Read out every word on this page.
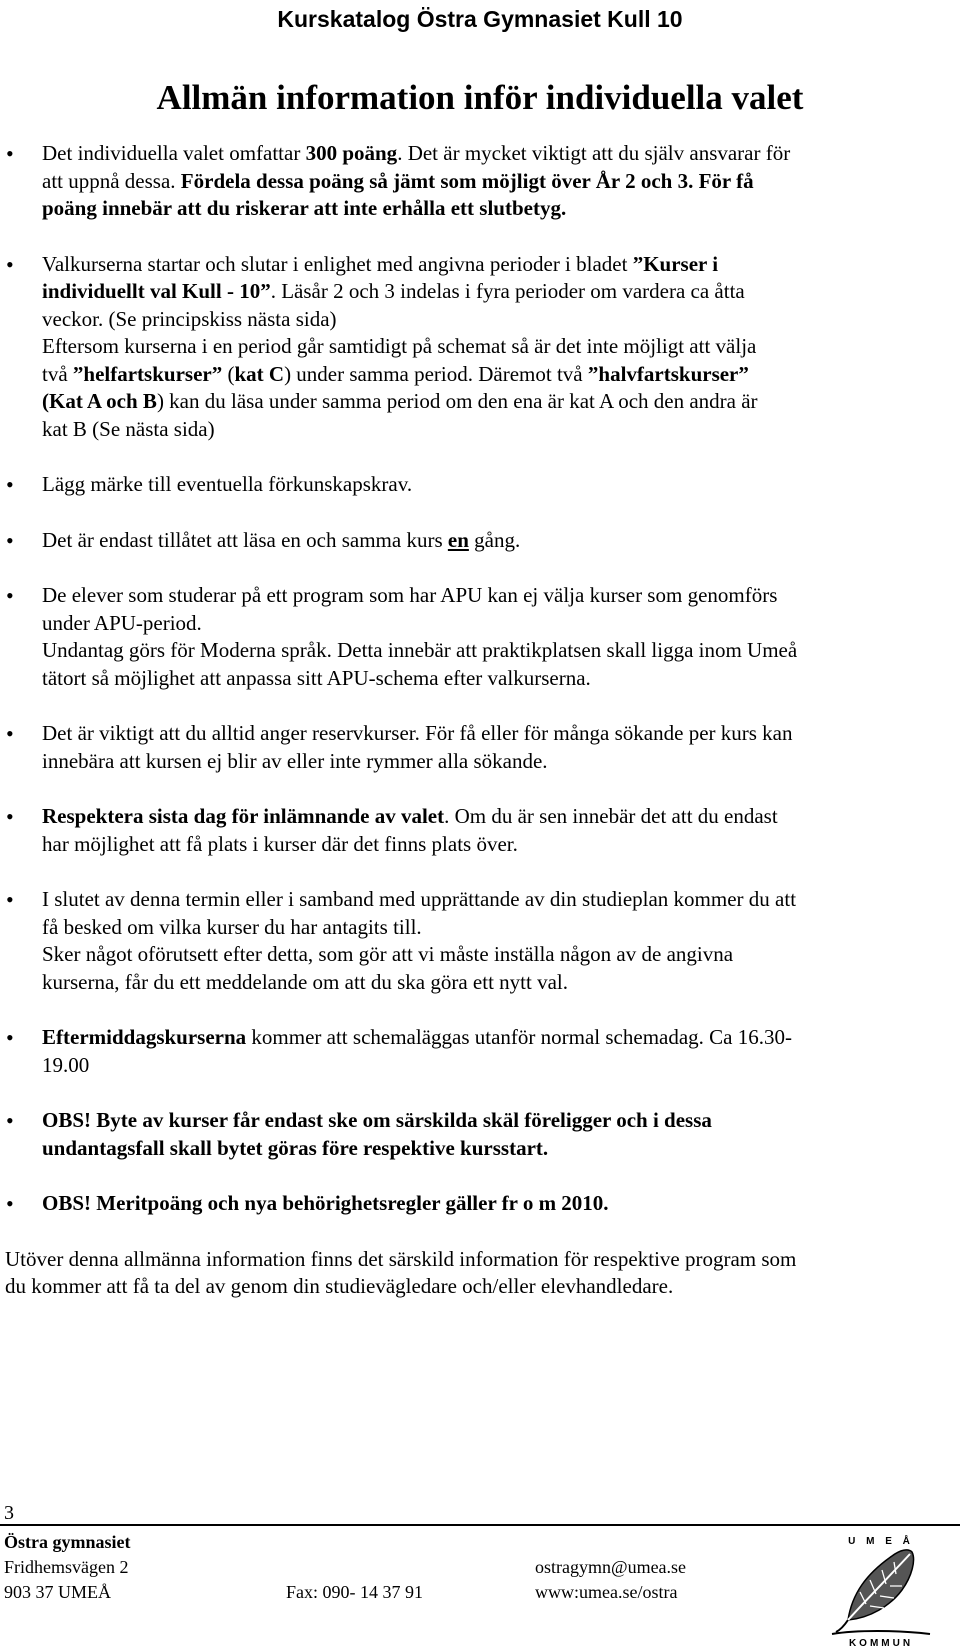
Kurskatalog Östra Gymnasiet Kull 10
Allmän information inför individuella valet
• Det individuella valet omfattar 300 poäng. Det är mycket viktigt att du själv ansvarar för
att uppnå dessa. Fördela dessa poäng så jämt som möjligt över År 2 och 3. För få
poäng innebär att du riskerar att inte erhålla ett slutbetyg.
• Valkurserna startar och slutar i enlighet med angivna perioder i bladet ”Kurser i
individuellt val Kull - 10”. Läsår 2 och 3 indelas i fyra perioder om vardera ca åtta
veckor. (Se principskiss nästa sida)
Eftersom kurserna i en period går samtidigt på schemat så är det inte möjligt att välja
två ”helfartskurser” (kat C) under samma period. Däremot två ”halvfartskurser”
(Kat A och B) kan du läsa under samma period om den ena är kat A och den andra är
kat B (Se nästa sida)
• Lägg märke till eventuella förkunskapskrav.
• Det är endast tillåtet att läsa en och samma kurs en gång.
• De elever som studerar på ett program som har APU kan ej välja kurser som genomförs
under APU-period.
Undantag görs för Moderna språk. Detta innebär att praktikplatsen skall ligga inom Umeå
tätort så möjlighet att anpassa sitt APU-schema efter valkurserna.
• Det är viktigt att du alltid anger reservkurser. För få eller för många sökande per kurs kan
innebära att kursen ej blir av eller inte rymmer alla sökande.
• Respektera sista dag för inlämnande av valet. Om du är sen innebär det att du endast
har möjlighet att få plats i kurser där det finns plats över.
• I slutet av denna termin eller i samband med upprättande av din studieplan kommer du att
få besked om vilka kurser du har antagits till.
Sker något oförutsett efter detta, som gör att vi måste inställa någon av de angivna
kurserna, får du ett meddelande om att du ska göra ett nytt val.
• Eftermiddagskurserna kommer att schemaläggas utanför normal schemadag. Ca 16.30-
19.00
• OBS! Byte av kurser får endast ske om särskilda skäl föreligger och i dessa
undantagsfall skall bytet göras före respektive kursstart.
• OBS! Meritpoäng och nya behörighetsregler gäller fr o m 2010.
Utöver denna allmänna information finns det särskild information för respektive program som
du kommer att få ta del av genom din studievägledare och/eller elevhandledare.
3
Östra gymnasiet
Fridhemsvägen 2
903 37 UMEÅ	Fax: 090- 14 37 91
ostragymn@umea.se
www:umea.se/ostra
U M E Å
KOMMUN
